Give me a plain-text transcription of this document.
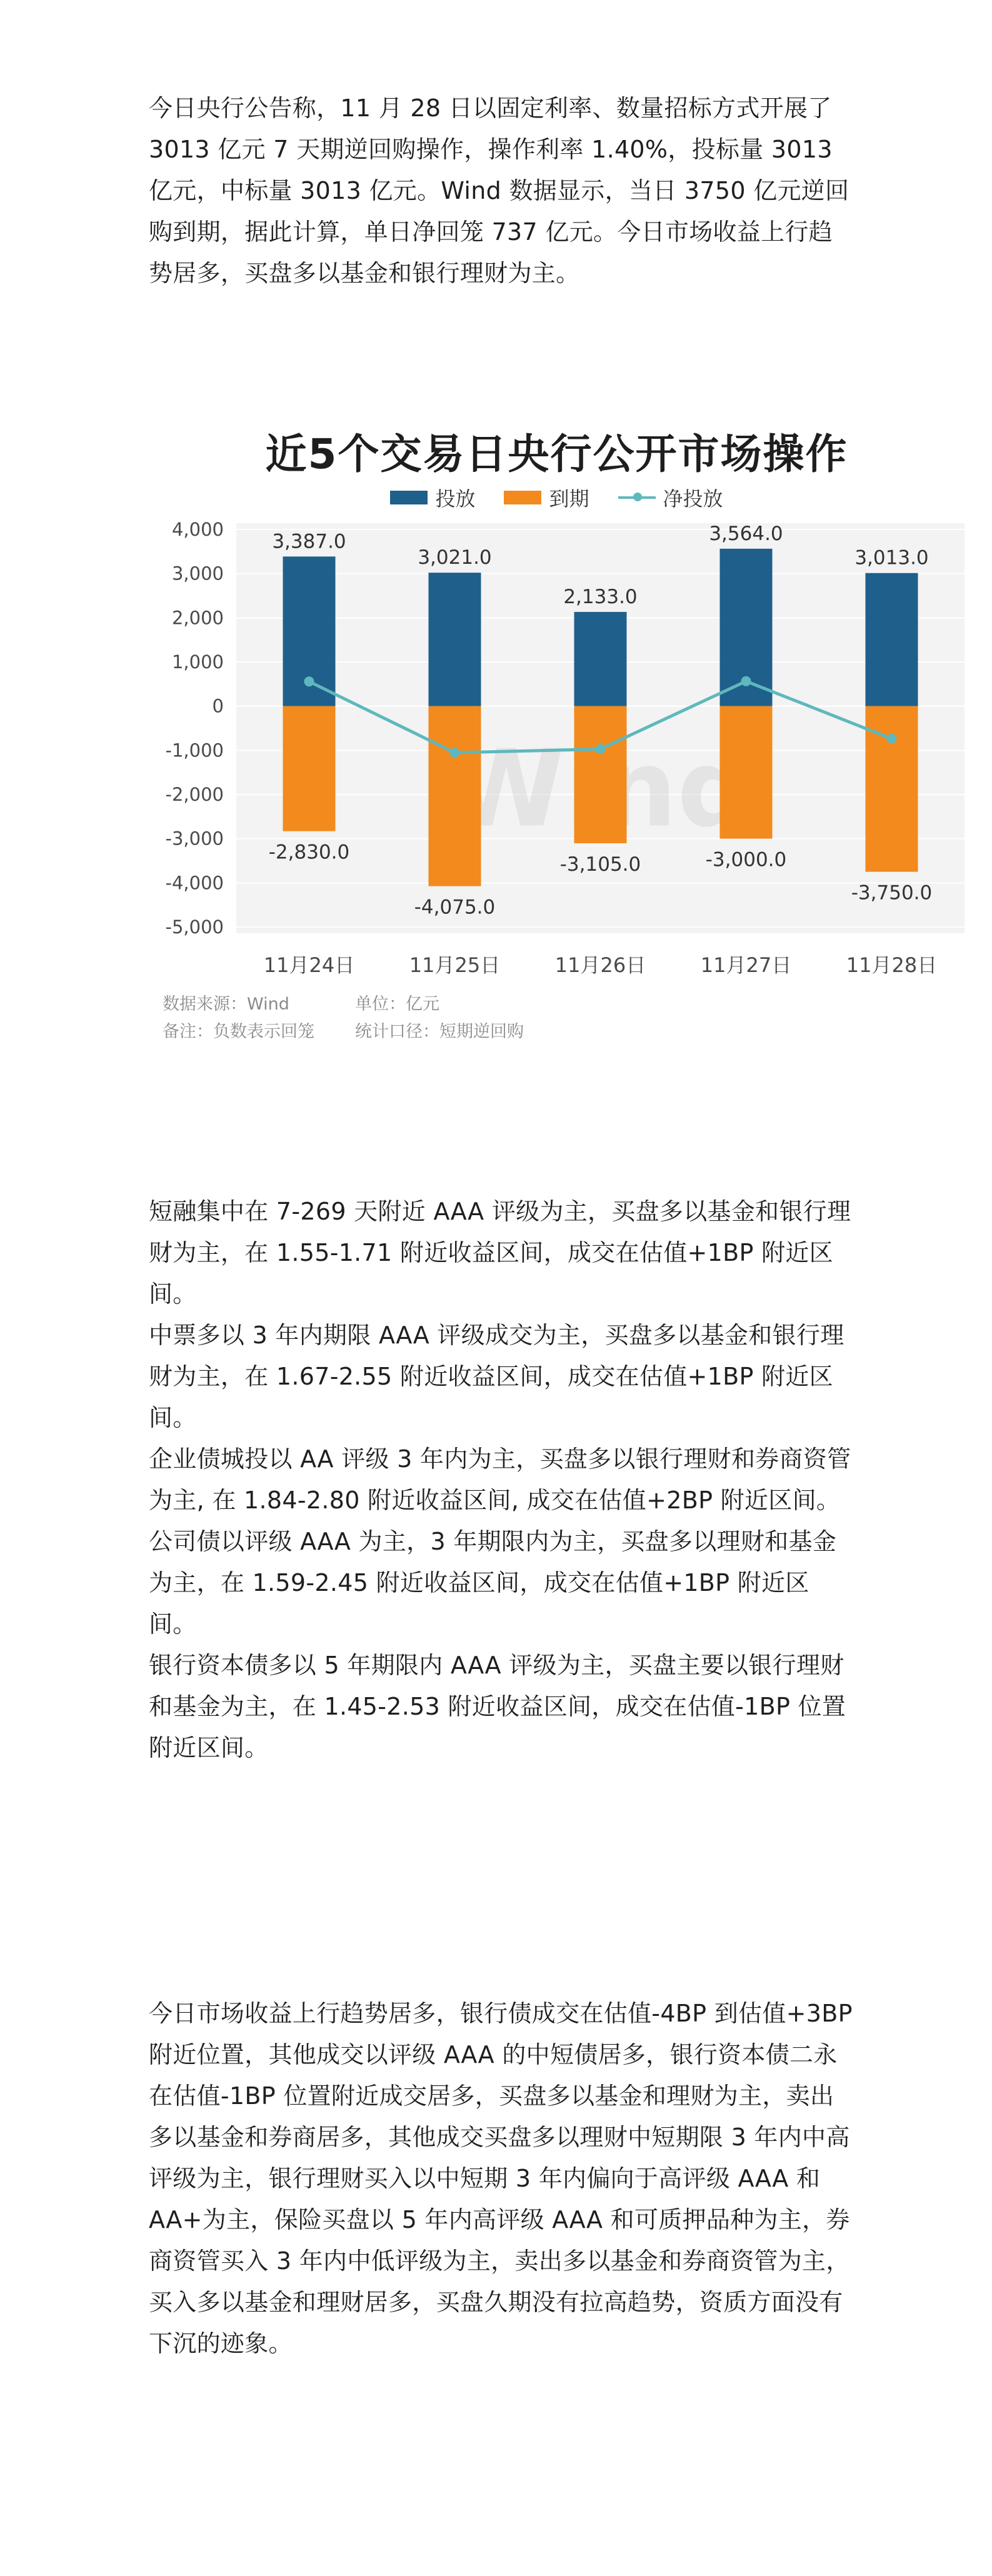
今日央行公告称，11 月 28 日以固定利率、数量招标方式开展了 3013 亿元 7 天期逆回购操作，操作利率 1.40%，投标量 3013 亿元，中标量 3013 亿元。Wind 数据显示，当日 3750 亿元逆回购到期，据此计算，单日净回笼 737 亿元。今日市场收益上行趋势居多，买盘多以基金和银行理财为主。

4,000
3,000
2,000
1,000
0
-1,000
-2,000
-3,000
-4,000
-5,000
3,387.0
3,021.0
2,133.0
3,564.0
3,013.0
-2,830.0
-4,075.0
-3,105.0	-3,000.0
-3,750.0
11月24日	11月25日	11月26日	11月27日	11月28日
近5个交易日央行公开市场操作
投放	到期	净投放
数据来源：Wind	单位：亿元
备注：负数表示回笼	统计口径：短期逆回购

短融集中在 7-269 天附近 AAA 评级为主，买盘多以基金和银行理财为主，在 1.55-1.71 附近收益区间，成交在估值+1BP 附近区间。

中票多以 3 年内期限 AAA 评级成交为主，买盘多以基金和银行理财为主，在 1.67-2.55 附近收益区间，成交在估值+1BP 附近区间。

企业债城投以 AA 评级 3 年内为主，买盘多以银行理财和券商资管为主, 在 1.84-2.80 附近收益区间, 成交在估值+2BP 附近区间。

公司债以评级 AAA 为主，3 年期限内为主，买盘多以理财和基金为主，在 1.59-2.45 附近收益区间，成交在估值+1BP 附近区间。

银行资本债多以 5 年期限内 AAA 评级为主，买盘主要以银行理财和基金为主，在 1.45-2.53 附近收益区间，成交在估值-1BP 位置附近区间。

今日市场收益上行趋势居多，银行债成交在估值-4BP 到估值+3BP 附近位置，其他成交以评级 AAA 的中短债居多，银行资本债二永在估值-1BP 位置附近成交居多，买盘多以基金和理财为主，卖出多以基金和券商居多，其他成交买盘多以理财中短期限 3 年内中高评级为主，银行理财买入以中短期 3 年内偏向于高评级 AAA 和 AA+为主，保险买盘以 5 年内高评级 AAA 和可质押品种为主，券商资管买入 3 年内中低评级为主，卖出多以基金和券商资管为主，买入多以基金和理财居多，买盘久期没有拉高趋势，资质方面没有下沉的迹象。
